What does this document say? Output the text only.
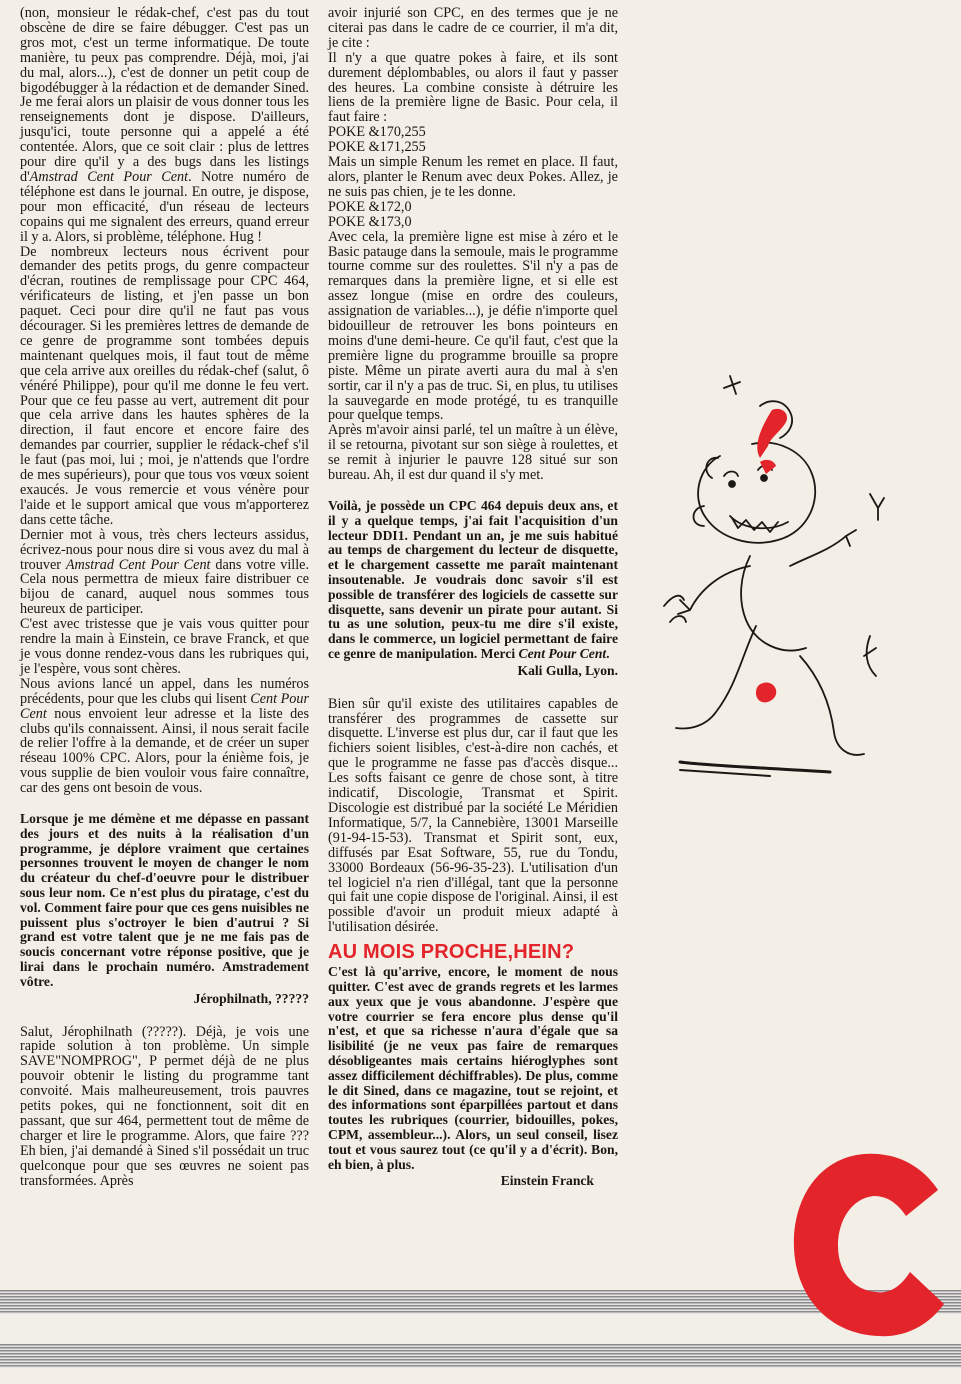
(non, monsieur le rédak-chef, c'est pas du tout obscène de dire se faire débugger. C'est pas un gros mot, c'est un terme informatique. De toute manière, tu peux pas comprendre. Déjà, moi, j'ai du mal, alors...), c'est de donner un petit coup de bigodébugger à la rédaction et de demander Sined. Je me ferai alors un plaisir de vous donner tous les renseignements dont je dispose. D'ailleurs, jusqu'ici, toute personne qui a appelé a été contentée. Alors, que ce soit clair : plus de lettres pour dire qu'il y a des bugs dans les listings d'Amstrad Cent Pour Cent. Notre numéro de téléphone est dans le journal. En outre, je dispose, pour mon efficacité, d'un réseau de lecteurs copains qui me signalent des erreurs, quand erreur il y a. Alors, si problème, téléphone. Hug !

De nombreux lecteurs nous écrivent pour demander des petits progs, du genre compacteur d'écran, routines de remplissage pour CPC 464, vérificateurs de listing, et j'en passe un bon paquet. Ceci pour dire qu'il ne faut pas vous décourager. Si les premières lettres de demande de ce genre de programme sont tombées depuis maintenant quelques mois, il faut tout de même que cela arrive aux oreilles du rédak-chef (salut, ô vénéré Philippe), pour qu'il me donne le feu vert. Pour que ce feu passe au vert, autrement dit pour que cela arrive dans les hautes sphères de la direction, il faut encore et encore faire des demandes par courrier, supplier le rédack-chef s'il le faut (pas moi, lui ; moi, je n'attends que l'ordre de mes supérieurs), pour que tous vos vœux soient exaucés. Je vous remercie et vous vénère pour l'aide et le support amical que vous m'apporterez dans cette tâche.

Dernier mot à vous, très chers lecteurs assidus, écrivez-nous pour nous dire si vous avez du mal à trouver Amstrad Cent Pour Cent dans votre ville. Cela nous permettra de mieux faire distribuer ce bijou de canard, auquel nous sommes tous heureux de participer.

C'est avec tristesse que je vais vous quitter pour rendre la main à Einstein, ce brave Franck, et que je vous donne rendez-vous dans les rubriques qui, je l'espère, vous sont chères.

Nous avions lancé un appel, dans les numéros précédents, pour que les clubs qui lisent Cent Pour Cent nous envoient leur adresse et la liste des clubs qu'ils connaissent. Ainsi, il nous serait facile de relier l'offre à la demande, et de créer un super réseau 100% CPC. Alors, pour la énième fois, je vous supplie de bien vouloir vous faire connaître, car des gens ont besoin de vous.

Lorsque je me démène et me dépasse en passant des jours et des nuits à la réalisation d'un programme, je déplore vraiment que certaines personnes trouvent le moyen de changer le nom du créateur du chef-d'oeuvre pour le distribuer sous leur nom. Ce n'est plus du piratage, c'est du vol. Comment faire pour que ces gens nuisibles ne puissent plus s'octroyer le bien d'autrui ? Si grand est votre talent que je ne me fais pas de soucis concernant votre réponse positive, que je lirai dans le prochain numéro. Amstradement vôtre.

Jérophilnath, ?????

Salut, Jérophilnath (?????). Déjà, je vois une rapide solution à ton problème. Un simple SAVE"NOMPROG", P permet déjà de ne plus pouvoir obtenir le listing du programme tant convoité. Mais malheureusement, trois pauvres petits pokes, qui ne fonctionnent, soit dit en passant, que sur 464, permettent tout de même de charger et lire le programme. Alors, que faire ??? Eh bien, j'ai demandé à Sined s'il possédait un truc quelconque pour que ses œuvres ne soient pas transformées. Après

avoir injurié son CPC, en des termes que je ne citerai pas dans le cadre de ce courrier, il m'a dit, je cite :

Il n'y a que quatre pokes à faire, et ils sont durement déplombables, ou alors il faut y passer des heures. La combine consiste à détruire les liens de la première ligne de Basic. Pour cela, il faut faire :

POKE &170,255

POKE &171,255

Mais un simple Renum les remet en place. Il faut, alors, planter le Renum avec deux Pokes. Allez, je ne suis pas chien, je te les donne.

POKE &172,0

POKE &173,0

Avec cela, la première ligne est mise à zéro et le Basic patauge dans la semoule, mais le programme tourne comme sur des roulettes. S'il n'y a pas de remarques dans la première ligne, et si elle est assez longue (mise en ordre des couleurs, assignation de variables...), je défie n'importe quel bidouilleur de retrouver les bons pointeurs en moins d'une demi-heure. Ce qu'il faut, c'est que la première ligne du programme brouille sa propre piste. Même un pirate averti aura du mal à s'en sortir, car il n'y a pas de truc. Si, en plus, tu utilises la sauvegarde en mode protégé, tu es tranquille pour quelque temps.

Après m'avoir ainsi parlé, tel un maître à un élève, il se retourna, pivotant sur son siège à roulettes, et se remit à injurier le pauvre 128 situé sur son bureau. Ah, il est dur quand il s'y met.

Voilà, je possède un CPC 464 depuis deux ans, et il y a quelque temps, j'ai fait l'acquisition d'un lecteur DDI1. Pendant un an, je me suis habitué au temps de chargement du lecteur de disquette, et le chargement cassette me paraît maintenant insoutenable. Je voudrais donc savoir s'il est possible de transférer des logiciels de cassette sur disquette, sans devenir un pirate pour autant. Si tu as une solution, peux-tu me dire s'il existe, dans le commerce, un logiciel permettant de faire ce genre de manipulation. Merci Cent Pour Cent.

Kali Gulla, Lyon.

Bien sûr qu'il existe des utilitaires capables de transférer des programmes de cassette sur disquette. L'inverse est plus dur, car il faut que les fichiers soient lisibles, c'est-à-dire non cachés, et que le programme ne fasse pas d'accès disque... Les softs faisant ce genre de chose sont, à titre indicatif, Discologie, Transmat et Spirit. Discologie est distribué par la société Le Méridien Informatique, 5/7, la Cannebière, 13001 Marseille (91-94-15-53). Transmat et Spirit sont, eux, diffusés par Esat Software, 55, rue du Tondu, 33000 Bordeaux (56-96-35-23). L'utilisation d'un tel logiciel n'a rien d'illégal, tant que la personne qui fait une copie dispose de l'original. Ainsi, il est possible d'avoir un produit mieux adapté à l'utilisation désirée.

AU MOIS PROCHE,HEIN?

C'est là qu'arrive, encore, le moment de nous quitter. C'est avec de grands regrets et les larmes aux yeux que je vous abandonne. J'espère que votre courrier se fera encore plus dense qu'il n'est, et que sa richesse n'aura d'égale que sa lisibilité (je ne veux pas faire de remarques désobligeantes mais certains hiéroglyphes sont assez difficilement déchiffrables). De plus, comme le dit Sined, dans ce magazine, tout se rejoint, et des informations sont éparpillées partout et dans toutes les rubriques (courrier, bidouilles, pokes, CPM, assembleur...). Alors, un seul conseil, lisez tout et vous saurez tout (ce qu'il y a d'écrit). Bon, eh bien, à plus.

Einstein Franck
